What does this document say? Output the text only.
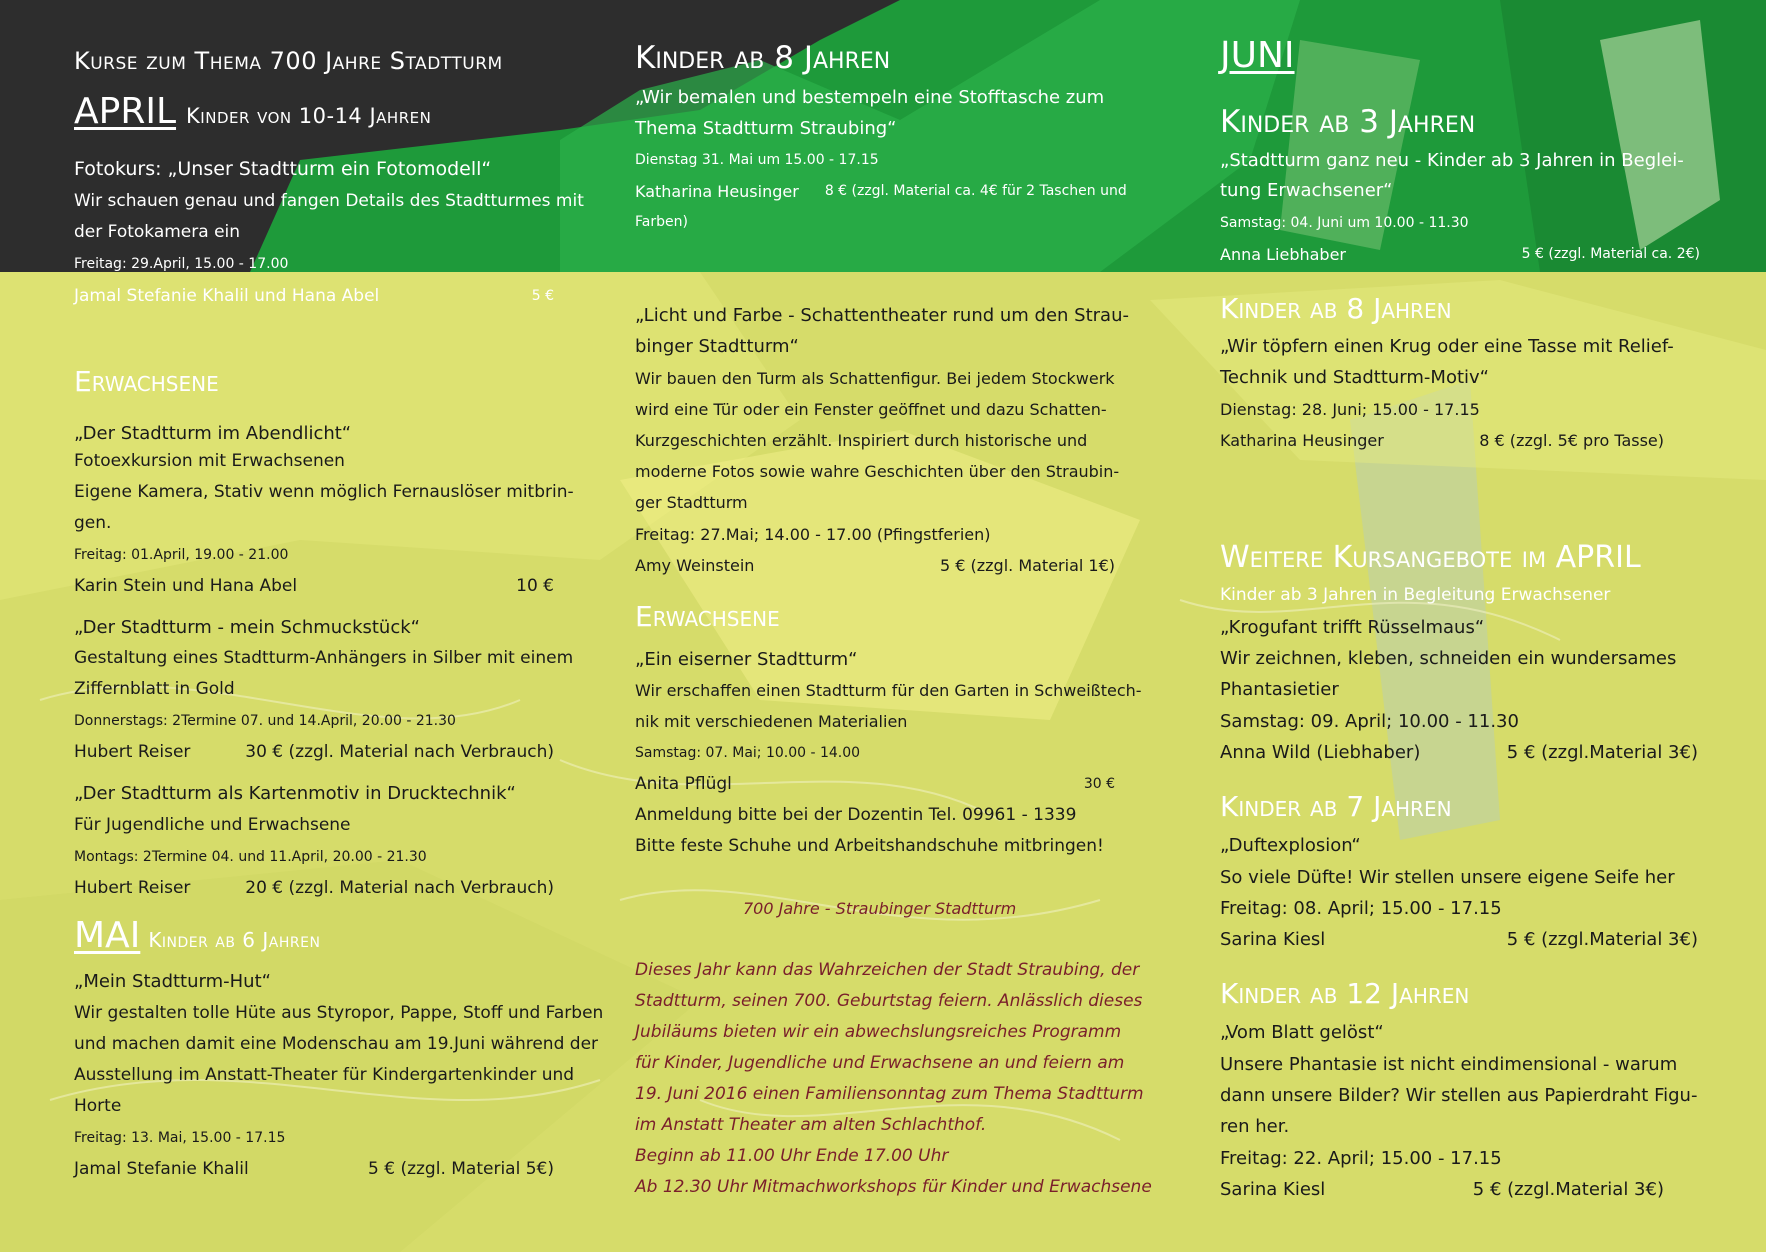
Kurse zum Thema 700 Jahre Stadtturm
APRIL Kinder von 10-14 Jahren
Fotokurs: „Unser Stadtturm ein Fotomodell“
Wir schauen genau und fangen Details des Stadtturmes mit
der Fotokamera ein
Freitag: 29.April, 15.00 - 17.00
Jamal Stefanie Khalil und Hana Abel	5 €
Erwachsene
„Der Stadtturm im Abendlicht“
Fotoexkursion mit Erwachsenen
Eigene Kamera, Stativ wenn möglich Fernauslöser mitbrin-
gen.
Freitag: 01.April, 19.00 - 21.00
Karin Stein und Hana Abel	10 €
„Der Stadtturm - mein Schmuckstück“
Gestaltung eines Stadtturm-Anhängers in Silber mit einem
Ziffernblatt in Gold
Donnerstags: 2Termine 07. und 14.April, 20.00 - 21.30
Hubert Reiser	30 € (zzgl. Material nach Verbrauch)
„Der Stadtturm als Kartenmotiv in Drucktechnik“
Für Jugendliche und Erwachsene
Montags: 2Termine 04. und 11.April, 20.00 - 21.30
Hubert Reiser	20 € (zzgl. Material nach Verbrauch)
MAI Kinder ab 6 Jahren
„Mein Stadtturm-Hut“
Wir gestalten tolle Hüte aus Styropor, Pappe, Stoff und Farben
und machen damit eine Modenschau am 19.Juni während der
Ausstellung im Anstatt-Theater für Kindergartenkinder und
Horte
Freitag: 13. Mai, 15.00 - 17.15
Jamal Stefanie Khalil	5 € (zzgl. Material 5€)
Kinder ab 8 Jahren
„Wir bemalen und bestempeln eine Stofftasche zum
Thema Stadtturm Straubing“
Dienstag 31. Mai um 15.00 - 17.15
Katharina Heusinger 8 € (zzgl. Material ca. 4€ für 2 Taschen und
Farben)
„Licht und Farbe - Schattentheater rund um den Strau-
binger Stadtturm“
Wir bauen den Turm als Schattenfigur. Bei jedem Stockwerk
wird eine Tür oder ein Fenster geöffnet und dazu Schatten-
Kurzgeschichten erzählt. Inspiriert durch historische und
moderne Fotos sowie wahre Geschichten über den Straubin-
ger Stadtturm
Freitag: 27.Mai; 14.00 - 17.00 (Pfingstferien)
Amy Weinstein	5 € (zzgl. Material 1€)
Erwachsene
„Ein eiserner Stadtturm“
Wir erschaffen einen Stadtturm für den Garten in Schweißtech-
nik mit verschiedenen Materialien
Samstag: 07. Mai; 10.00 - 14.00
Anita Pflügl	30 €
Anmeldung bitte bei der Dozentin Tel. 09961 - 1339
Bitte feste Schuhe und Arbeitshandschuhe mitbringen!
700 Jahre - Straubinger Stadtturm
Dieses Jahr kann das Wahrzeichen der Stadt Straubing, der
Stadtturm, seinen 700. Geburtstag feiern. Anlässlich dieses
Jubiläums bieten wir ein abwechslungsreiches Programm
für Kinder, Jugendliche und Erwachsene an und feiern am
19. Juni 2016 einen Familiensonntag zum Thema Stadtturm
im Anstatt Theater am alten Schlachthof.
Beginn ab 11.00 Uhr Ende 17.00 Uhr
Ab 12.30 Uhr Mitmachworkshops für Kinder und Erwachsene
JUNI
Kinder ab 3 Jahren
„Stadtturm ganz neu - Kinder ab 3 Jahren in Beglei-
tung Erwachsener“
Samstag: 04. Juni um 10.00 - 11.30
Anna Liebhaber	5 € (zzgl. Material ca. 2€)
Kinder ab 8 Jahren
„Wir töpfern einen Krug oder eine Tasse mit Relief-
Technik und Stadtturm-Motiv“
Dienstag: 28. Juni; 15.00 - 17.15
Katharina Heusinger	8 € (zzgl. 5€ pro Tasse)
Weitere Kursangebote im APRIL
Kinder ab 3 Jahren in Begleitung Erwachsener
„Krogufant trifft Rüsselmaus“
Wir zeichnen, kleben, schneiden ein wundersames
Phantasietier
Samstag: 09. April; 10.00 - 11.30
Anna Wild (Liebhaber)	5 € (zzgl.Material 3€)
Kinder ab 7 Jahren
„Duftexplosion“
So viele Düfte! Wir stellen unsere eigene Seife her
Freitag: 08. April; 15.00 - 17.15
Sarina Kiesl	5 € (zzgl.Material 3€)
Kinder ab 12 Jahren
„Vom Blatt gelöst“
Unsere Phantasie ist nicht eindimensional - warum
dann unsere Bilder? Wir stellen aus Papierdraht Figu-
ren her.
Freitag: 22. April; 15.00 - 17.15
Sarina Kiesl	5 € (zzgl.Material 3€)
